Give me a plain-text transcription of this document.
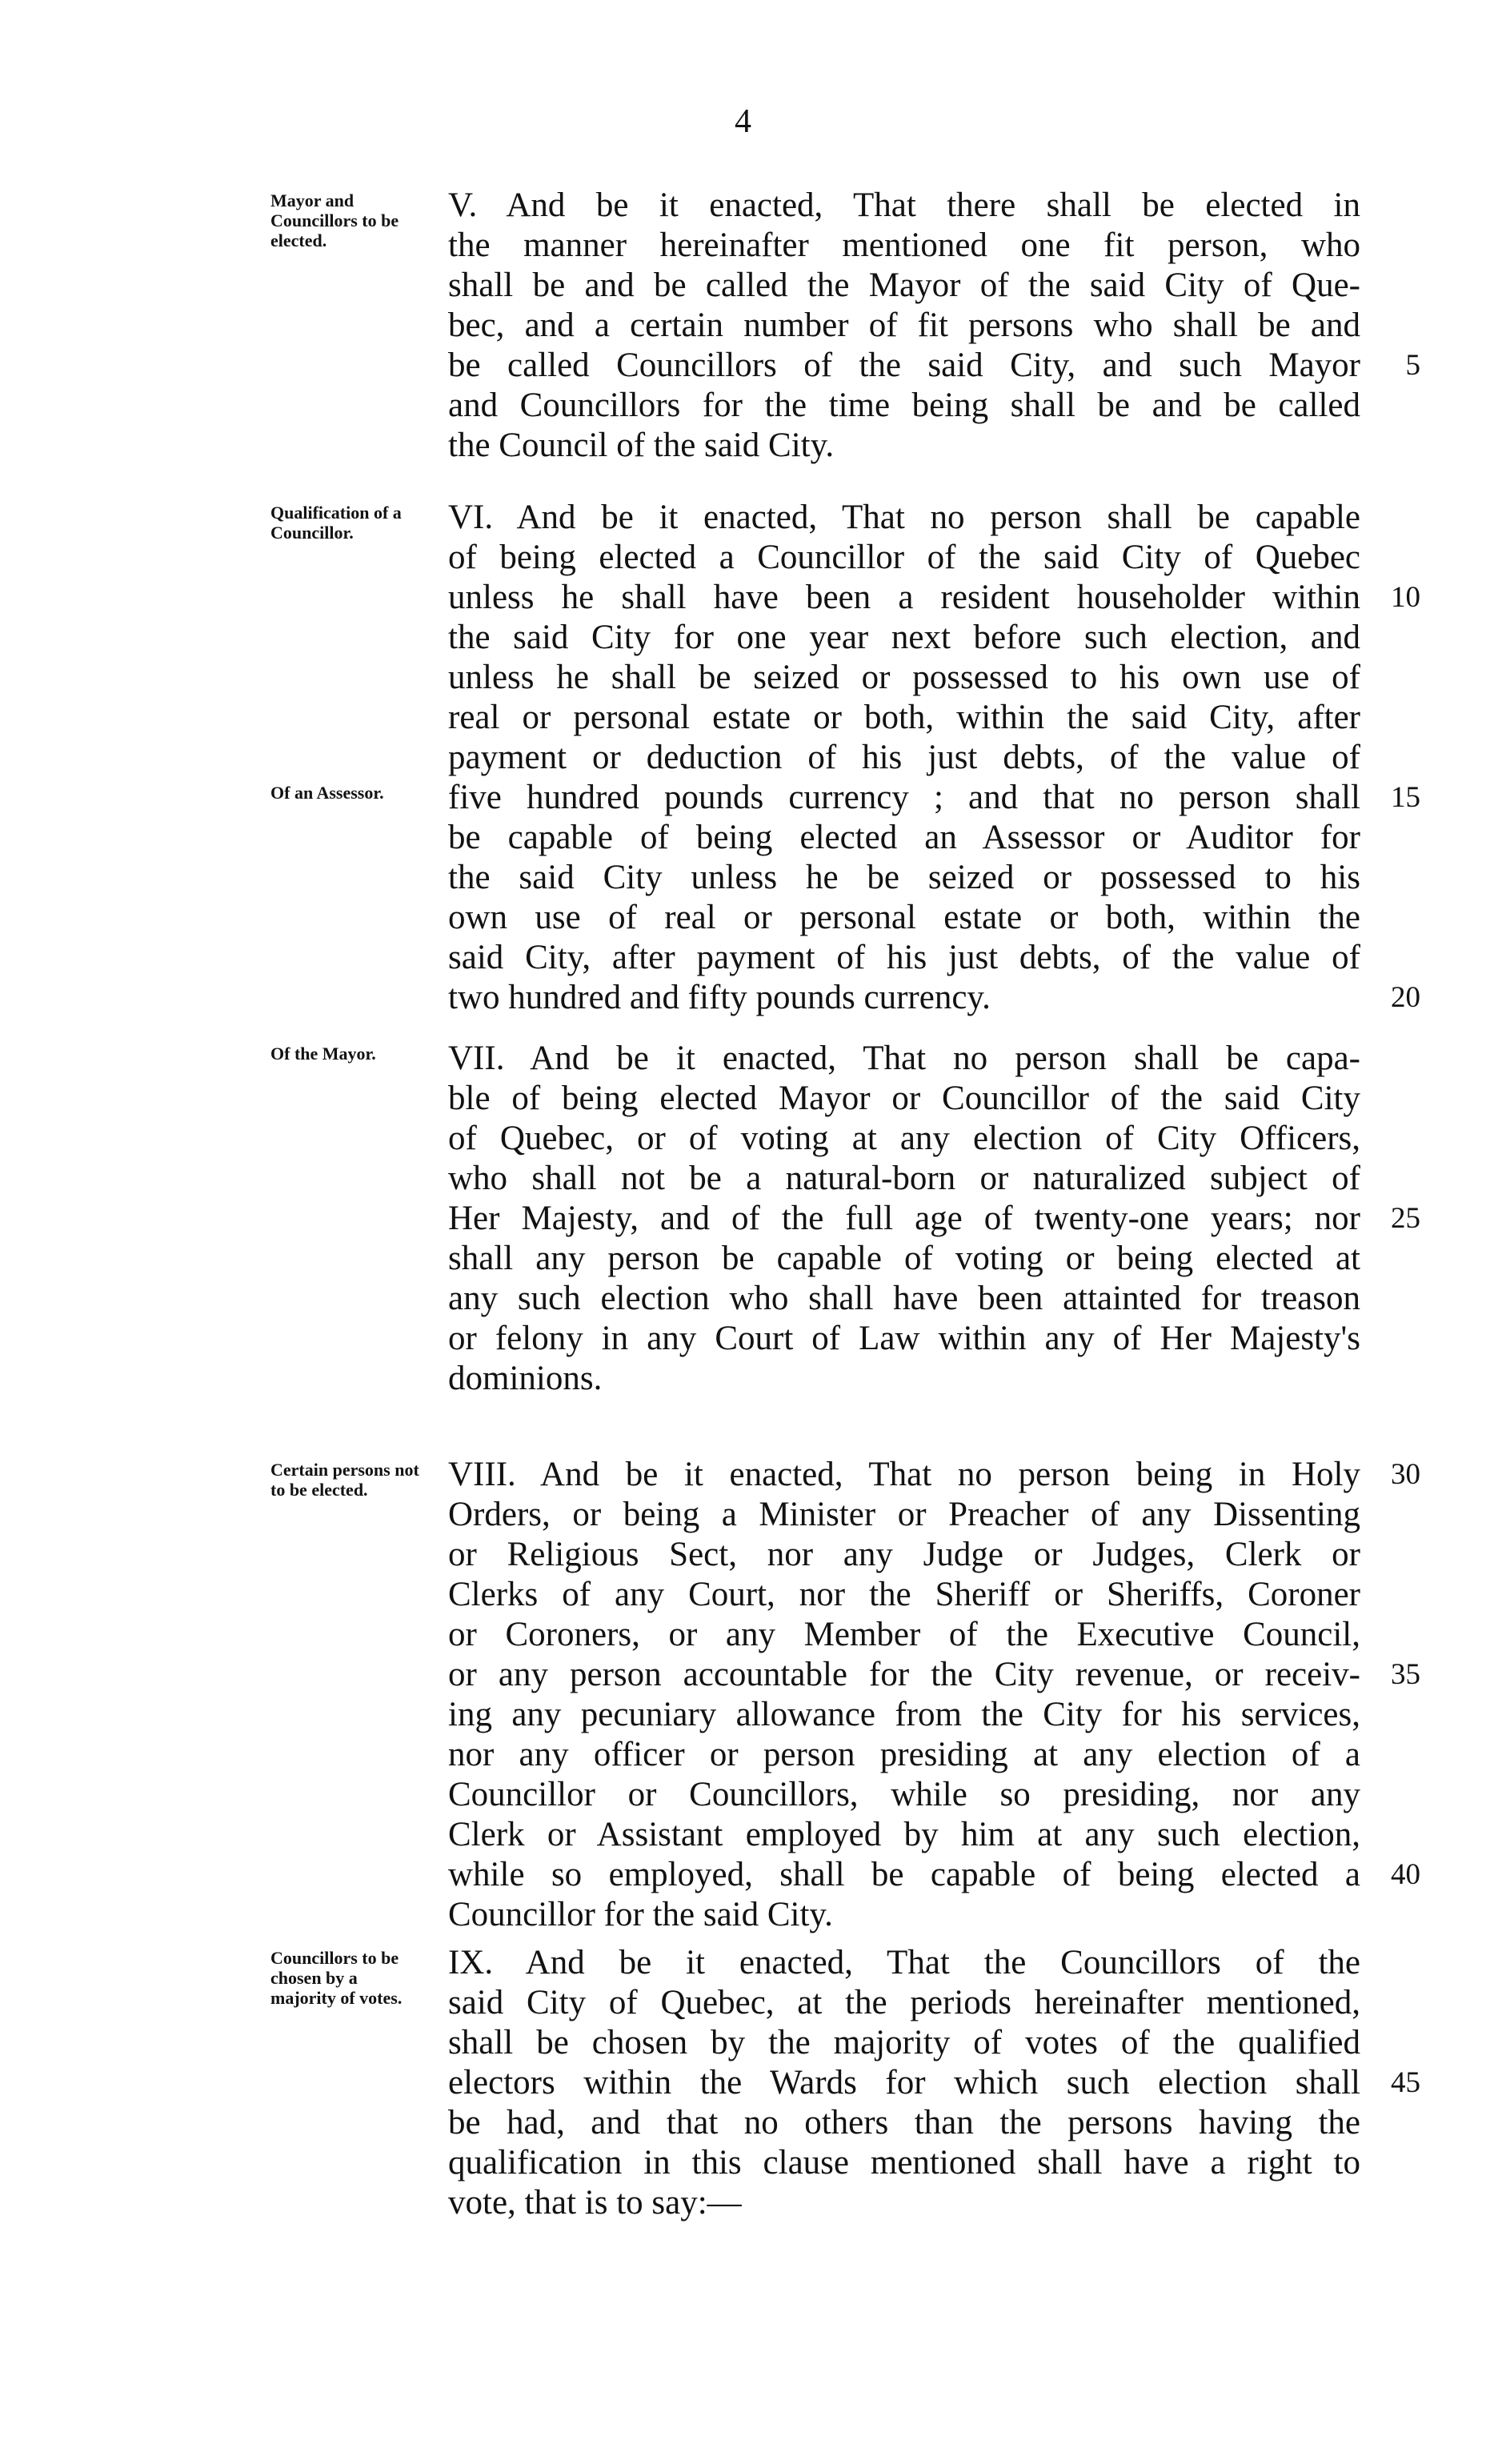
4
Mayor and Councillors to be elected.
V. And be it enacted, That there shall be elected in
the manner hereinafter mentioned one fit person, who
shall be and be called the Mayor of the said City of Que-
bec, and a certain number of fit persons who shall be and
be called Councillors of the said City, and such Mayor	5
and Councillors for the time being shall be and be called
the Council of the said City.
Qualification of a Councillor.
Of an Assessor.
VI. And be it enacted, That no person shall be capable
of being elected a Councillor of the said City of Quebec
unless he shall have been a resident householder within	10
the said City for one year next before such election, and
unless he shall be seized or possessed to his own use of
real or personal estate or both, within the said City, after
payment or deduction of his just debts, of the value of
five hundred pounds currency ; and that no person shall	15
be capable of being elected an Assessor or Auditor for
the said City unless he be seized or possessed to his
own use of real or personal estate or both, within the
said City, after payment of his just debts, of the value of
two hundred and fifty pounds currency.	20
Of the Mayor.	VII. And be it enacted, That no person shall be capa-
ble of being elected Mayor or Councillor of the said City
of Quebec, or of voting at any election of City Officers,
who shall not be a natural-born or naturalized subject of
Her Majesty, and of the full age of twenty-one years; nor	25
shall any person be capable of voting or being elected at
any such election who shall have been attainted for treason
or felony in any Court of Law within any of Her Majesty's
dominions.
Certain persons not to be elected.	VIII. And be it enacted, That no person being in Holy	30
Orders, or being a Minister or Preacher of any Dissenting
or Religious Sect, nor any Judge or Judges, Clerk or
Clerks of any Court, nor the Sheriff or Sheriffs, Coroner
or Coroners, or any Member of the Executive Council,
or any person accountable for the City revenue, or receiv-	35
ing any pecuniary allowance from the City for his services,
nor any officer or person presiding at any election of a
Councillor or Councillors, while so presiding, nor any
Clerk or Assistant employed by him at any such election,
while so employed, shall be capable of being elected a	40
Councillor for the said City.
Councillors to be chosen by a majority of votes.
IX. And be it enacted, That the Councillors of the
said City of Quebec, at the periods hereinafter mentioned,
shall be chosen by the majority of votes of the qualified
electors within the Wards for which such election shall	45
be had, and that no others than the persons having the
qualification in this clause mentioned shall have a right to
vote, that is to say:—
